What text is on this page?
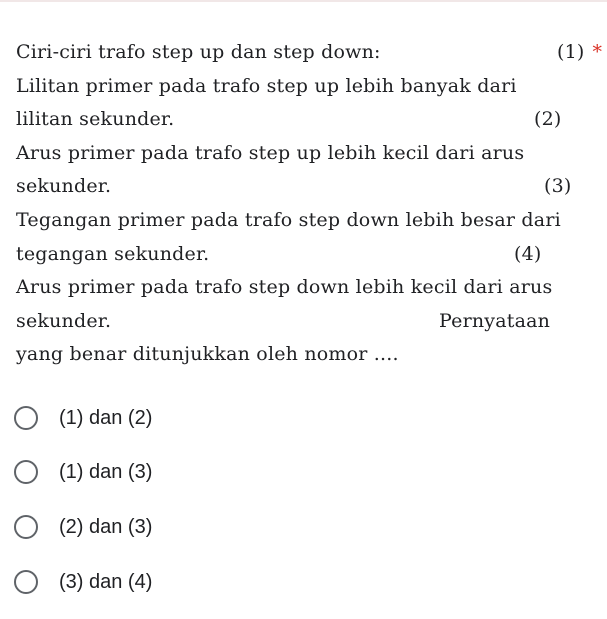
Ciri-ciri trafo step up dan step down:	(1) *
Lilitan primer pada trafo step up lebih banyak dari
lilitan sekunder.	(2)
Arus primer pada trafo step up lebih kecil dari arus
sekunder.	(3)
Tegangan primer pada trafo step down lebih besar dari
tegangan sekunder.	(4)
Arus primer pada trafo step down lebih kecil dari arus
sekunder.	Pernyataan
yang benar ditunjukkan oleh nomor ....
(1) dan (2)
(1) dan (3)
(2) dan (3)
(3) dan (4)
